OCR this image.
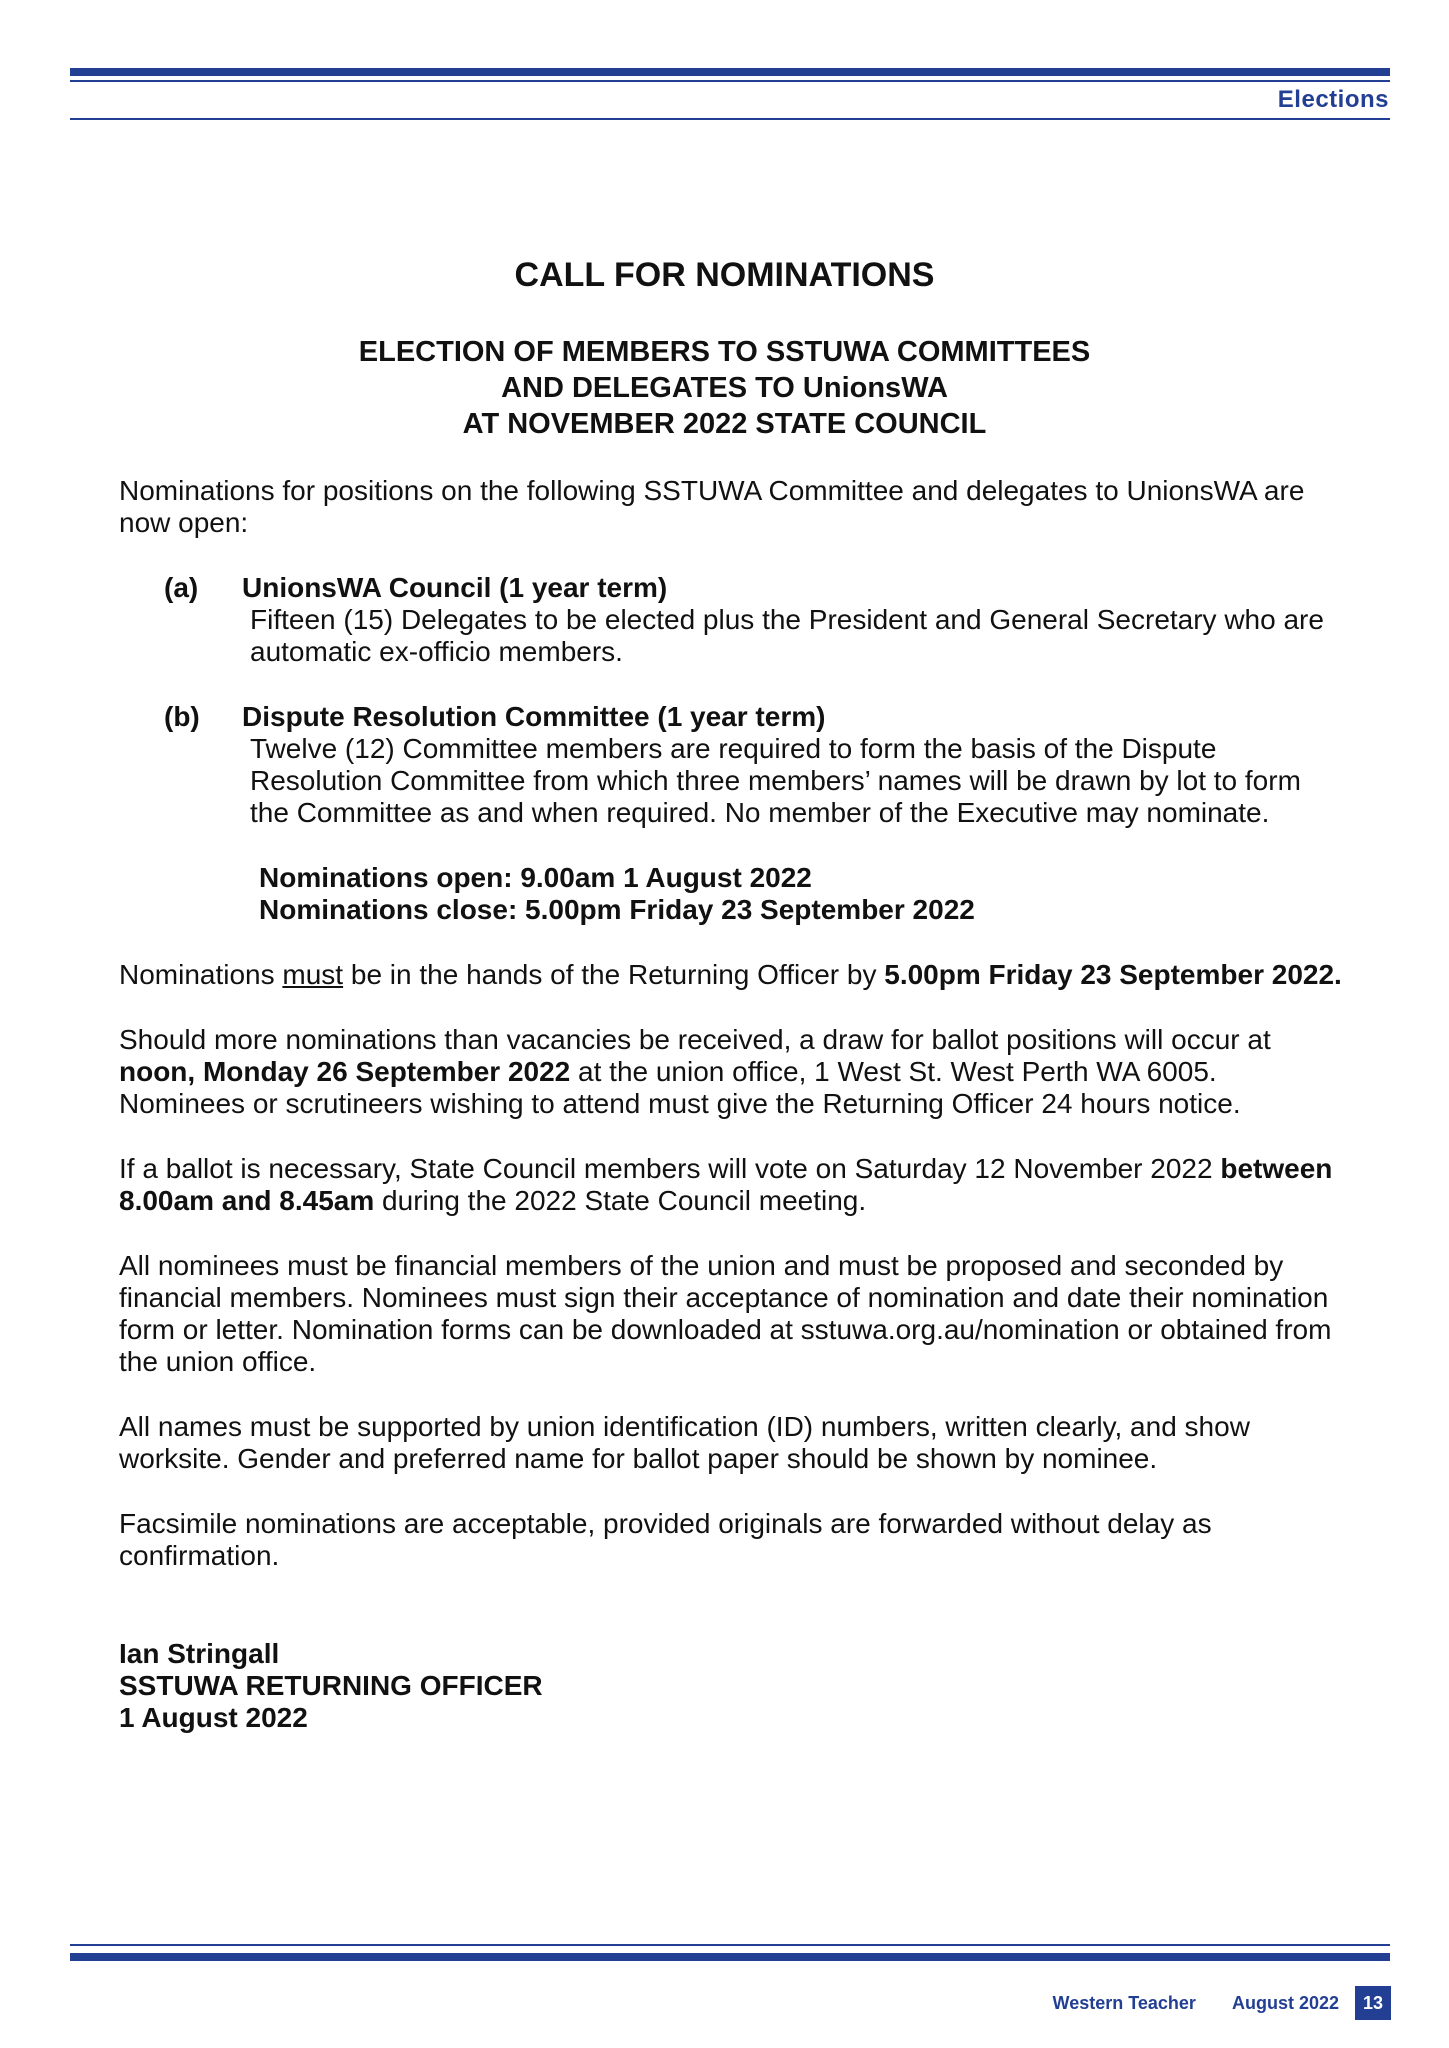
Elections
CALL FOR NOMINATIONS
ELECTION OF MEMBERS TO SSTUWA COMMITTEES
AND DELEGATES TO UnionsWA
AT NOVEMBER 2022 STATE COUNCIL

Nominations for positions on the following SSTUWA Committee and delegates to UnionsWA are now open:

(a)	UnionsWA Council (1 year term)
Fifteen (15) Delegates to be elected plus the President and General Secretary who are automatic ex-officio members.
(b)	Dispute Resolution Committee (1 year term)
Twelve (12) Committee members are required to form the basis of the Dispute Resolution Committee from which three members’ names will be drawn by lot to form the Committee as and when required. No member of the Executive may nominate.
Nominations open: 9.00am 1 August 2022
Nominations close: 5.00pm Friday 23 September 2022

Nominations must be in the hands of the Returning Officer by 5.00pm Friday 23 September 2022.

Should more nominations than vacancies be received, a draw for ballot positions will occur at noon, Monday 26 September 2022 at the union office, 1 West St. West Perth WA 6005. Nominees or scrutineers wishing to attend must give the Returning Officer 24 hours notice.

If a ballot is necessary, State Council members will vote on Saturday 12 November 2022 between 8.00am and 8.45am during the 2022 State Council meeting.

All nominees must be financial members of the union and must be proposed and seconded by financial members. Nominees must sign their acceptance of nomination and date their nomination form or letter. Nomination forms can be downloaded at sstuwa.org.au/nomination or obtained from the union office.

All names must be supported by union identification (ID) numbers, written clearly, and show worksite. Gender and preferred name for ballot paper should be shown by nominee.

Facsimile nominations are acceptable, provided originals are forwarded without delay as confirmation.

Ian Stringall
SSTUWA RETURNING OFFICER
1 August 2022
Western Teacher August 2022	13
